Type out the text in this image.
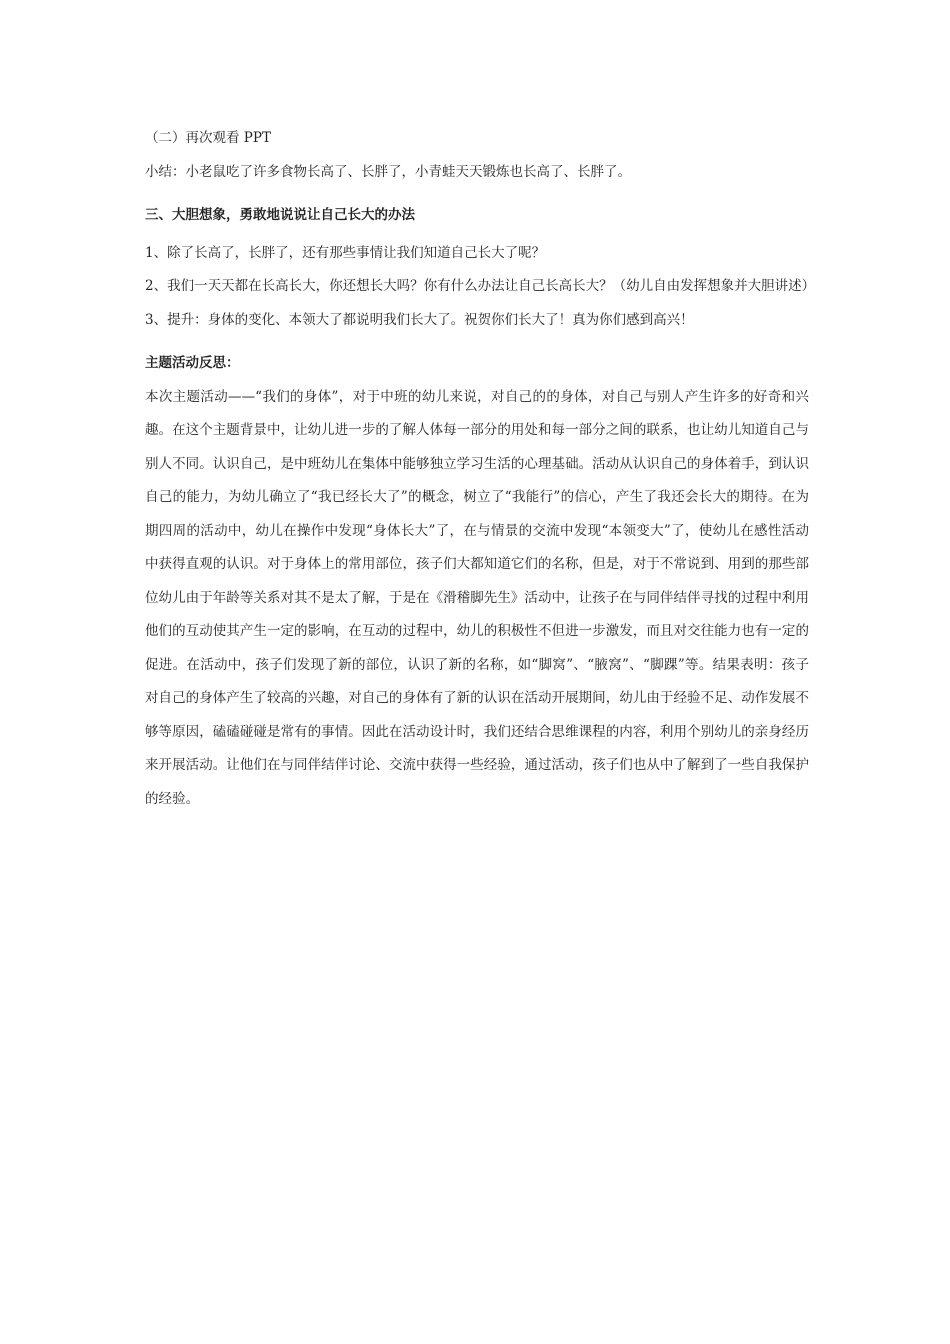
（二）再次观看 PPT

小结：小老鼠吃了许多食物长高了、长胖了，小青蛙天天锻炼也长高了、长胖了。

三、大胆想象，勇敢地说说让自己长大的办法

1、除了长高了，长胖了，还有那些事情让我们知道自己长大了呢？

2、我们一天天都在长高长大，你还想长大吗？你有什么办法让自己长高长大？（幼儿自由发挥想象并大胆讲述）

3、提升：身体的变化、本领大了都说明我们长大了。祝贺你们长大了！真为你们感到高兴！

主题活动反思：

本次主题活动——“我们的身体”，对于中班的幼儿来说，对自己的的身体，对自己与别人产生许多的好奇和兴趣。在这个主题背景中，让幼儿进一步的了解人体每一部分的用处和每一部分之间的联系，也让幼儿知道自己与别人不同。认识自己，是中班幼儿在集体中能够独立学习生活的心理基础。活动从认识自己的身体着手，到认识自己的能力，为幼儿确立了“我已经长大了”的概念，树立了“我能行”的信心，产生了我还会长大的期待。在为期四周的活动中，幼儿在操作中发现“身体长大”了，在与情景的交流中发现“本领变大”了，使幼儿在感性活动中获得直观的认识。对于身体上的常用部位，孩子们大都知道它们的名称，但是，对于不常说到、用到的那些部位幼儿由于年龄等关系对其不是太了解，于是在《滑稽脚先生》活动中，让孩子在与同伴结伴寻找的过程中利用他们的互动使其产生一定的影响，在互动的过程中，幼儿的积极性不但进一步激发，而且对交往能力也有一定的促进。在活动中，孩子们发现了新的部位，认识了新的名称，如“脚窝”、“腋窝”、“脚踝”等。结果表明：孩子对自己的身体产生了较高的兴趣，对自己的身体有了新的认识在活动开展期间，幼儿由于经验不足、动作发展不够等原因，磕磕碰碰是常有的事情。因此在活动设计时，我们还结合思维课程的内容，利用个别幼儿的亲身经历来开展活动。让他们在与同伴结伴讨论、交流中获得一些经验，通过活动，孩子们也从中了解到了一些自我保护的经验。
